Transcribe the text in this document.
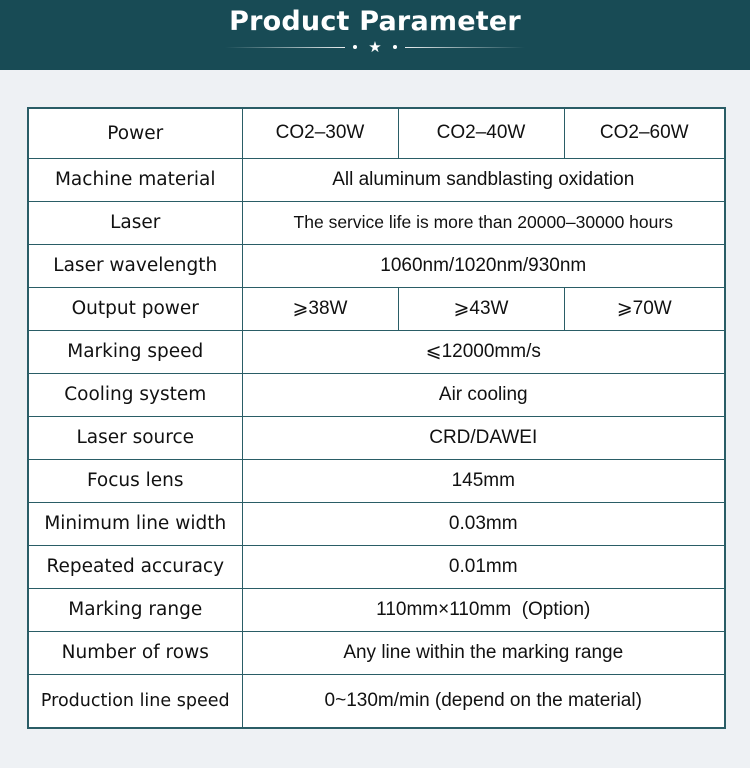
Product Parameter
★
Power	CO2–30W	CO2–40W	CO2–60W
Machine material	All aluminum sandblasting oxidation		
Laser	The service life is more than 20000–30000 hours		
Laser wavelength	1060nm/1020nm/930nm		
Output power	⩾38W	⩾43W	⩾70W
Marking speed	⩽12000mm/s		
Cooling system	Air cooling		
Laser source	CRD/DAWEI		
Focus lens	145mm		
Minimum line width	0.03mm		
Repeated accuracy	0.01mm		
Marking range	110mm×110mm  (Option)		
Number of rows	Any line within the marking range		
Production line speed	0~130m/min (depend on the material)		
